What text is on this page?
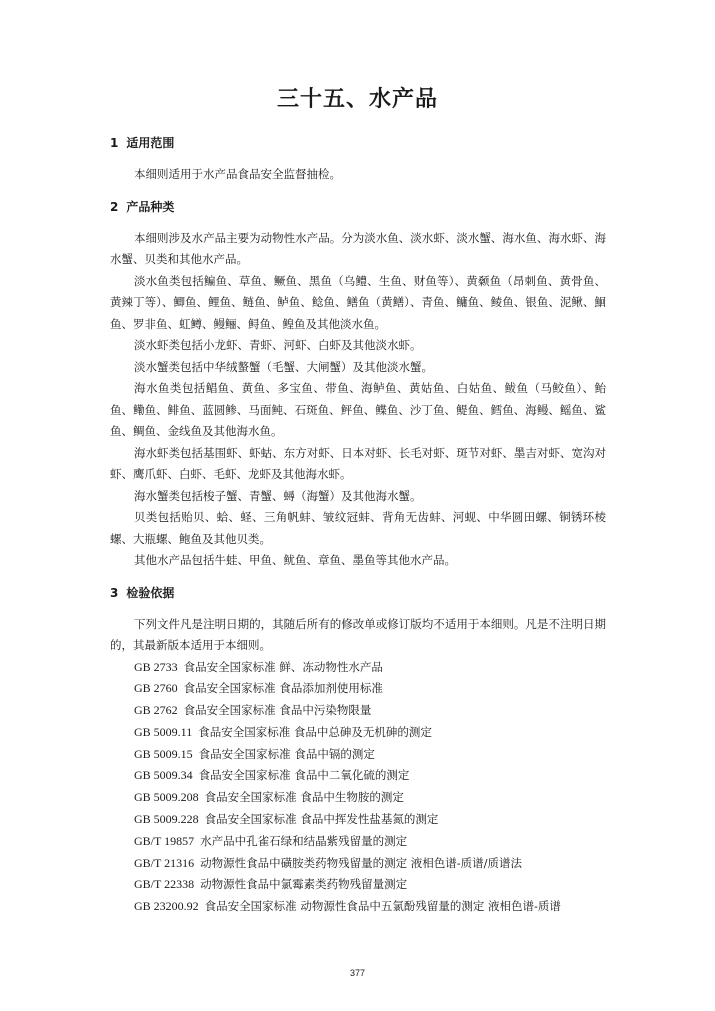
三十五、水产品
1 适用范围

本细则适用于水产品食品安全监督抽检。

2 产品种类

本细则涉及水产品主要为动物性水产品。分为淡水鱼、淡水虾、淡水蟹、海水鱼、海水虾、海水蟹、贝类和其他水产品。

淡水鱼类包括鳊鱼、草鱼、鳜鱼、黑鱼（乌鳢、生鱼、财鱼等）、黄颡鱼（昂刺鱼、黄骨鱼、黄辣丁等）、鲫鱼、鲤鱼、鲢鱼、鲈鱼、鲶鱼、鳝鱼（黄鳝）、青鱼、鳙鱼、鲮鱼、银鱼、泥鳅、鮰鱼、罗非鱼、虹鳟、鳗鲡、鲟鱼、鳇鱼及其他淡水鱼。

淡水虾类包括小龙虾、青虾、河虾、白虾及其他淡水虾。

淡水蟹类包括中华绒螯蟹（毛蟹、大闸蟹）及其他淡水蟹。

海水鱼类包括鲳鱼、黄鱼、多宝鱼、带鱼、海鲈鱼、黄姑鱼、白姑鱼、鲅鱼（马鲛鱼）、鲐鱼、鳓鱼、鲱鱼、蓝圆鲹、马面鲀、石斑鱼、鲆鱼、鲽鱼、沙丁鱼、鳀鱼、鳕鱼、海鳗、鳐鱼、鲨鱼、鲷鱼、金线鱼及其他海水鱼。

海水虾类包括基围虾、虾蛄、东方对虾、日本对虾、长毛对虾、斑节对虾、墨吉对虾、宽沟对虾、鹰爪虾、白虾、毛虾、龙虾及其他海水虾。

海水蟹类包括梭子蟹、青蟹、蟳（海蟹）及其他海水蟹。

贝类包括贻贝、蛤、蛏、三角帆蚌、皱纹冠蚌、背角无齿蚌、河蚬、中华圆田螺、铜锈环棱螺、大瓶螺、鲍鱼及其他贝类。

其他水产品包括牛蛙、甲鱼、鱿鱼、章鱼、墨鱼等其他水产品。

3 检验依据

下列文件凡是注明日期的，其随后所有的修改单或修订版均不适用于本细则。凡是不注明日期的，其最新版本适用于本细则。

GB 2733 食品安全国家标准 鲜、冻动物性水产品

GB 2760 食品安全国家标准 食品添加剂使用标准

GB 2762 食品安全国家标准 食品中污染物限量

GB 5009.11 食品安全国家标准 食品中总砷及无机砷的测定

GB 5009.15 食品安全国家标准 食品中镉的测定

GB 5009.34 食品安全国家标准 食品中二氧化硫的测定

GB 5009.208 食品安全国家标准 食品中生物胺的测定

GB 5009.228 食品安全国家标准 食品中挥发性盐基氮的测定

GB/T 19857 水产品中孔雀石绿和结晶紫残留量的测定

GB/T 21316 动物源性食品中磺胺类药物残留量的测定 液相色谱-质谱/质谱法

GB/T 22338 动物源性食品中氯霉素类药物残留量测定

GB 23200.92 食品安全国家标准 动物源性食品中五氯酚残留量的测定 液相色谱-质谱

377
